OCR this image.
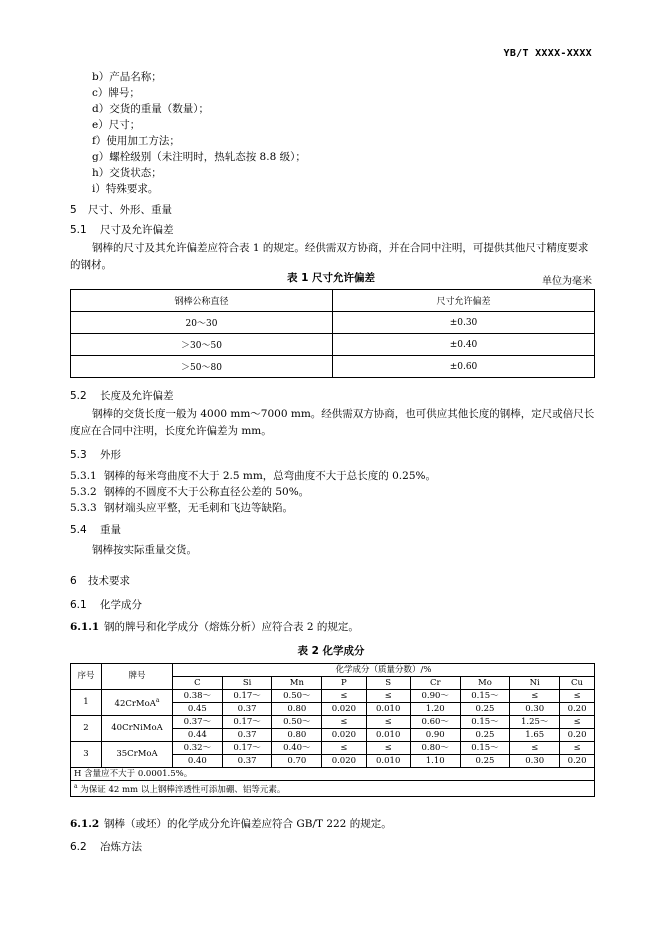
YB/T XXXX-XXXX
b）产品名称；
c）牌号；
d）交货的重量（数量）；
e）尺寸；
f）使用加工方法；
g）螺栓级别（未注明时，热轧态按 8.8 级）；
h）交货状态；
i）特殊要求。
5 尺寸、外形、重量
5.1 尺寸及允许偏差
钢棒的尺寸及其允许偏差应符合表 1 的规定。经供需双方协商，并在合同中注明，可提供其他尺寸精度要求的钢材。
表 1 尺寸允许偏差	单位为毫米
钢棒公称直径	尺寸允许偏差
20～30	±0.30
＞30～50	±0.40
＞50～80	±0.60
5.2 长度及允许偏差
钢棒的交货长度一般为 4000 mm～7000 mm。经供需双方协商，也可供应其他长度的钢棒，定尺或倍尺长度应在合同中注明，长度允许偏差为 mm。
5.3 外形
5.3.1 钢棒的每米弯曲度不大于 2.5 mm，总弯曲度不大于总长度的 0.25%。
5.3.2 钢棒的不圆度不大于公称直径公差的 50%。
5.3.3 钢材端头应平整，无毛刺和飞边等缺陷。
5.4 重量
钢棒按实际重量交货。
6 技术要求
6.1 化学成分
6.1.1 钢的牌号和化学成分（熔炼分析）应符合表 2 的规定。
表 2 化学成分
序号	牌号	化学成分（质量分数）/%								
		C	Si	Mn	P	S	Cr	Mo	Ni	Cu
1	42CrMoA$^a$	0.38～	0.17～	0.50～	≤	≤	0.90～	0.15～	≤	≤
		0.45	0.37	0.80	0.020	0.010	1.20	0.25	0.30	0.20
2	40CrNiMoA	0.37～	0.17～	0.50～	≤	≤	0.60～	0.15～	1.25～	≤
		0.44	0.37	0.80	0.020	0.010	0.90	0.25	1.65	0.20
3	35CrMoA	0.32～	0.17～	0.40～	≤	≤	0.80～	0.15～	≤	≤
		0.40	0.37	0.70	0.020	0.010	1.10	0.25	0.30	0.20
H 含量应不大于 0.0001.5%。										
$^a$ 为保证 42 mm 以上钢棒淬透性可添加硼、铝等元素。										
6.1.2 钢棒（或坯）的化学成分允许偏差应符合 GB/T 222 的规定。
6.2 冶炼方法
